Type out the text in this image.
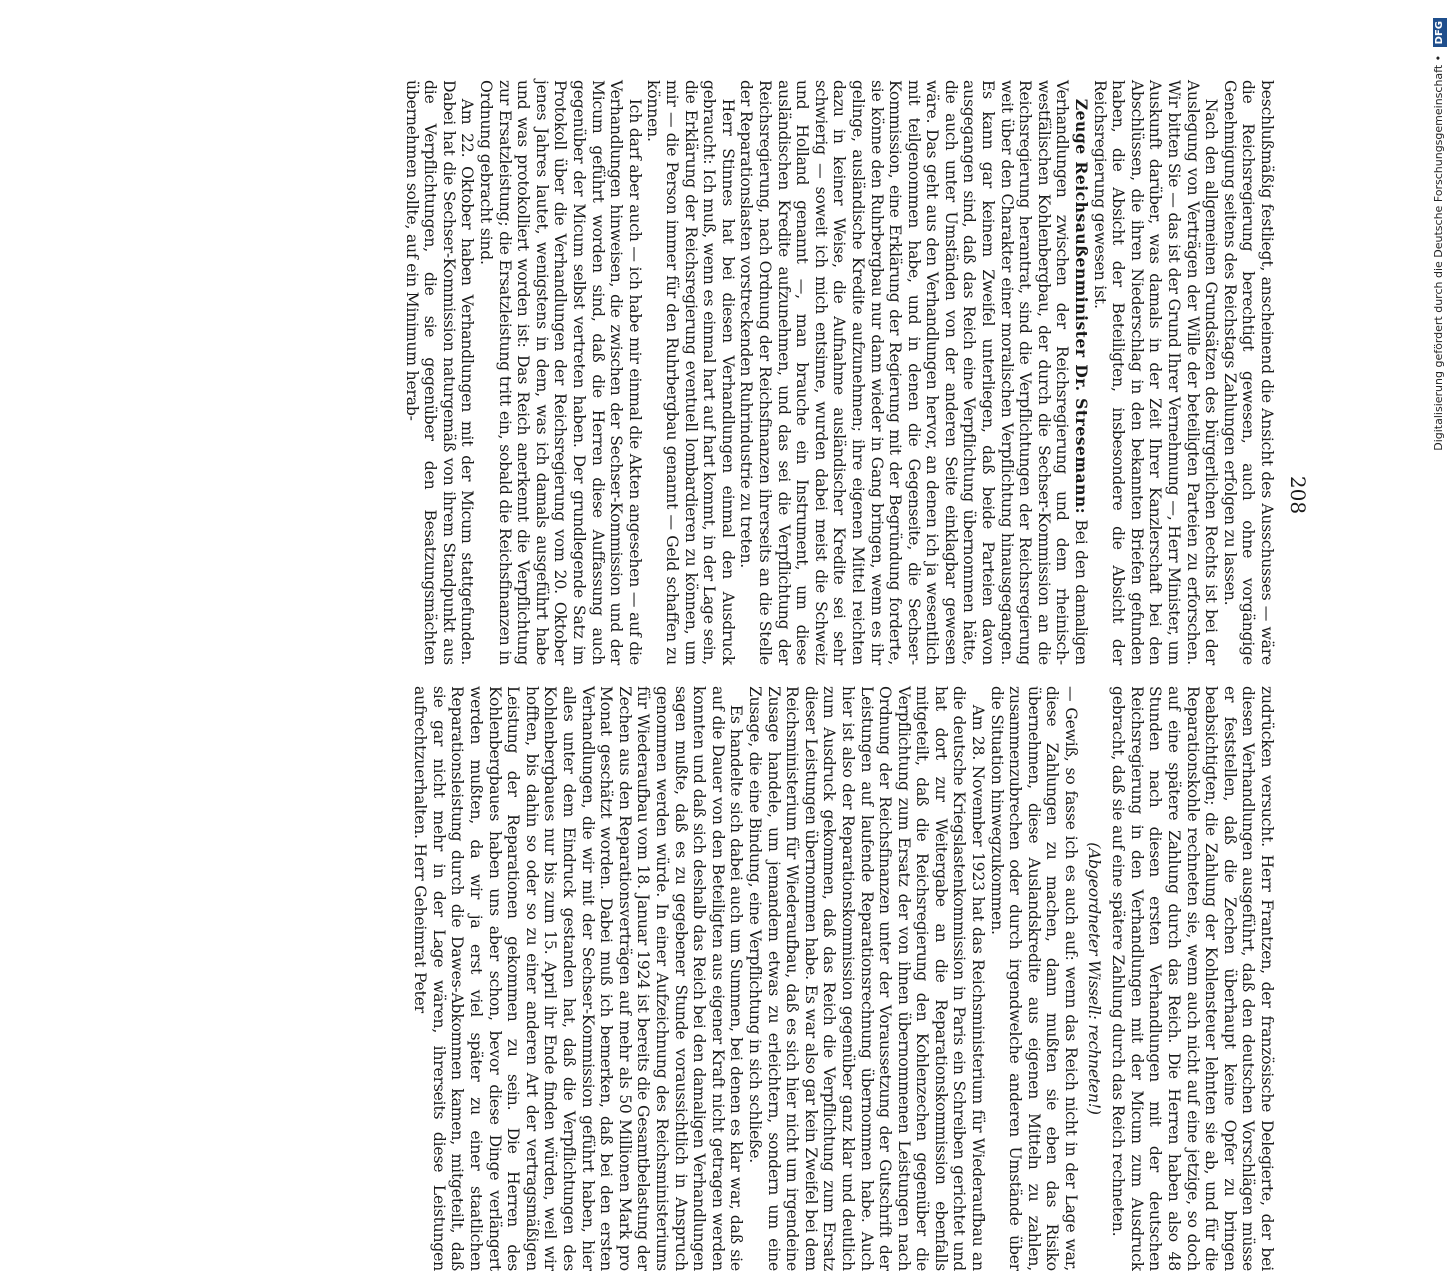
208

beschlußmäßig festliegt, anscheinend die Ansicht des Ausschusses — wäre die Reichsregierung berechtigt gewesen, auch ohne vorgängige Genehmigung seitens des Reichstags Zahlungen erfolgen zu lassen.

Nach den allgemeinen Grundsätzen des bürgerlichen Rechts ist bei der Auslegung von Verträgen der Wille der beteiligten Parteien zu erforschen. Wir bitten Sie — das ist der Grund Ihrer Vernehmung —, Herr Minister, um Auskunft darüber, was damals in der Zeit Ihrer Kanzlerschaft bei den Abschlüssen, die ihren Niederschlag in den bekannten Briefen gefunden haben, die Absicht der Beteiligten, insbesondere die Absicht der Reichsregierung gewesen ist.

Zeuge Reichsaußenminister Dr. Stresemann: Bei den damaligen Verhandlungen zwischen der Reichsregierung und dem rheinisch-westfälischen Kohlenbergbau, der durch die Sechser-Kommission an die Reichsregierung herantrat, sind die Verpflichtungen der Reichsregierung weit über den Charakter einer moralischen Verpflichtung hinausgegangen. Es kann gar keinem Zweifel unterliegen, daß beide Parteien davon ausgegangen sind, daß das Reich eine Verpflichtung übernommen hätte, die auch unter Umständen von der anderen Seite einklagbar gewesen wäre. Das geht aus den Verhandlungen hervor, an denen ich ja wesentlich mit teilgenommen habe, und in denen die Gegenseite, die Sechser-Kommission, eine Erklärung der Regierung mit der Begründung forderte, sie könne den Ruhrbergbau nur dann wieder in Gang bringen, wenn es ihr gelinge, ausländische Kredite aufzunehmen; ihre eigenen Mittel reichten dazu in keiner Weise, die Aufnahme ausländischer Kredite sei sehr schwierig — soweit ich mich entsinne, wurden dabei meist die Schweiz und Holland genannt —, man brauche ein Instrument, um diese ausländischen Kredite aufzunehmen, und das sei die Verpflichtung der Reichsregierung, nach Ordnung der Reichsfinanzen ihrerseits an die Stelle der Reparationslasten vorstreckenden Ruhrindustrie zu treten.

Herr Stinnes hat bei diesen Verhandlungen einmal den Ausdruck gebraucht: Ich muß, wenn es einmal hart auf hart kommt, in der Lage sein, die Erklärung der Reichsregierung eventuell lombardieren zu können, um mir — die Person immer für den Ruhrbergbau genannt — Geld schaffen zu können.

Ich darf aber auch — ich habe mir einmal die Akten angesehen — auf die Verhandlungen hinweisen, die zwischen der Sechser-Kommission und der Micum geführt worden sind, daß die Herren diese Auffassung auch gegenüber der Micum selbst vertreten haben. Der grundlegende Satz im Protokoll über die Verhandlungen der Reichsregierung vom 20. Oktober jenes Jahres lautet, wenigstens in dem, was ich damals ausgeführt habe und was protokolliert worden ist: Das Reich anerkennt die Verpflichtung zur Ersatzleistung; die Ersatzleistung tritt ein, sobald die Reichsfinanzen in Ordnung gebracht sind.

Am 22. Oktober haben Verhandlungen mit der Micum stattgefunden. Dabei hat die Sechser-Kommission naturgemäß von ihrem Standpunkt aus die Verpflichtungen, die sie gegenüber den Besatzungsmächten übernehmen sollte, auf ein Minimum herab-

zudrücken versucht. Herr Frantzen, der französische Delegierte, der bei diesen Verhandlungen ausgeführt, daß den deutschen Vorschlägen müsse er feststellen, daß die Zechen überhaupt keine Opfer zu bringen beabsichtigten; die Zahlung der Kohlensteuer lehnten sie ab, und für die Reparationskohle rechneten sie, wenn auch nicht auf eine jetzige, so doch auf eine spätere Zahlung durch das Reich. Die Herren haben also 48 Stunden nach diesen ersten Verhandlungen mit der deutschen Reichsregierung in den Verhandlungen mit der Micum zum Ausdruck gebracht, daß sie auf eine spätere Zahlung durch das Reich rechneten.

(Abgeordneter Wissell: rechneten!)

— Gewiß, so fasse ich es auch auf: wenn das Reich nicht in der Lage war, diese Zahlungen zu machen, dann mußten sie eben das Risiko übernehmen, diese Auslandskredite aus eigenen Mitteln zu zahlen, zusammenzubrechen oder durch irgendwelche anderen Umstände über die Situation hinwegzukommen.

Am 28. November 1923 hat das Reichsministerium für Wiederaufbau an die deutsche Kriegslastenkommission in Paris ein Schreiben gerichtet und hat dort zur Weitergabe an die Reparationskommission ebenfalls mitgeteilt, daß die Reichsregierung den Kohlenzechen gegenüber die Verpflichtung zum Ersatz der von ihnen übernommenen Leistungen nach Ordnung der Reichsfinanzen unter der Voraussetzung der Gutschrift der Leistungen auf laufende Reparationsrechnung übernommen habe. Auch hier ist also der Reparationskommission gegenüber ganz klar und deutlich zum Ausdruck gekommen, daß das Reich die Verpflichtung zum Ersatz dieser Leistungen übernommen habe. Es war also gar kein Zweifel bei dem Reichsministerium für Wiederaufbau, daß es sich hier nicht um irgendeine Zusage handele, um jemandem etwas zu erleichtern, sondern um eine Zusage, die eine Bindung, eine Verpflichtung in sich schließe.

Es handelte sich dabei auch um Summen, bei denen es klar war, daß sie auf die Dauer von den Beteiligten aus eigener Kraft nicht getragen werden konnten und daß sich deshalb das Reich bei den damaligen Verhandlungen sagen mußte, daß es zu gegebener Stunde voraussichtlich in Anspruch genommen werden würde. In einer Aufzeichnung des Reichsministeriums für Wiederaufbau vom 18. Januar 1924 ist bereits die Gesamtbelastung der Zechen aus den Reparationsverträgen auf mehr als 50 Millionen Mark pro Monat geschätzt worden. Dabei muß ich bemerken, daß bei den ersten Verhandlungen, die wir mit der Sechser-Kommission geführt haben, hier alles unter dem Eindruck gestanden hat, daß die Verpflichtungen des Kohlenbergbaues nur bis zum 15. April ihr Ende finden würden, weil wir hofften, bis dahin so oder so zu einer anderen Art der vertragsmäßigen Leistung der Reparationen gekommen zu sein. Die Herren des Kohlenbergbaues haben uns aber schon, bevor diese Dinge verlängert werden mußten, da wir ja erst viel später zu einer staatlichen Reparationsleistung durch die Dawes-Abkommen kamen, mitgeteilt, daß sie gar nicht mehr in der Lage wären, ihrerseits diese Leistungen aufrechtzuerhalten. Herr Geheimrat Peter

Digitalisierung gefördert durch die Deutsche Forschungsgemeinschaft • DFG
